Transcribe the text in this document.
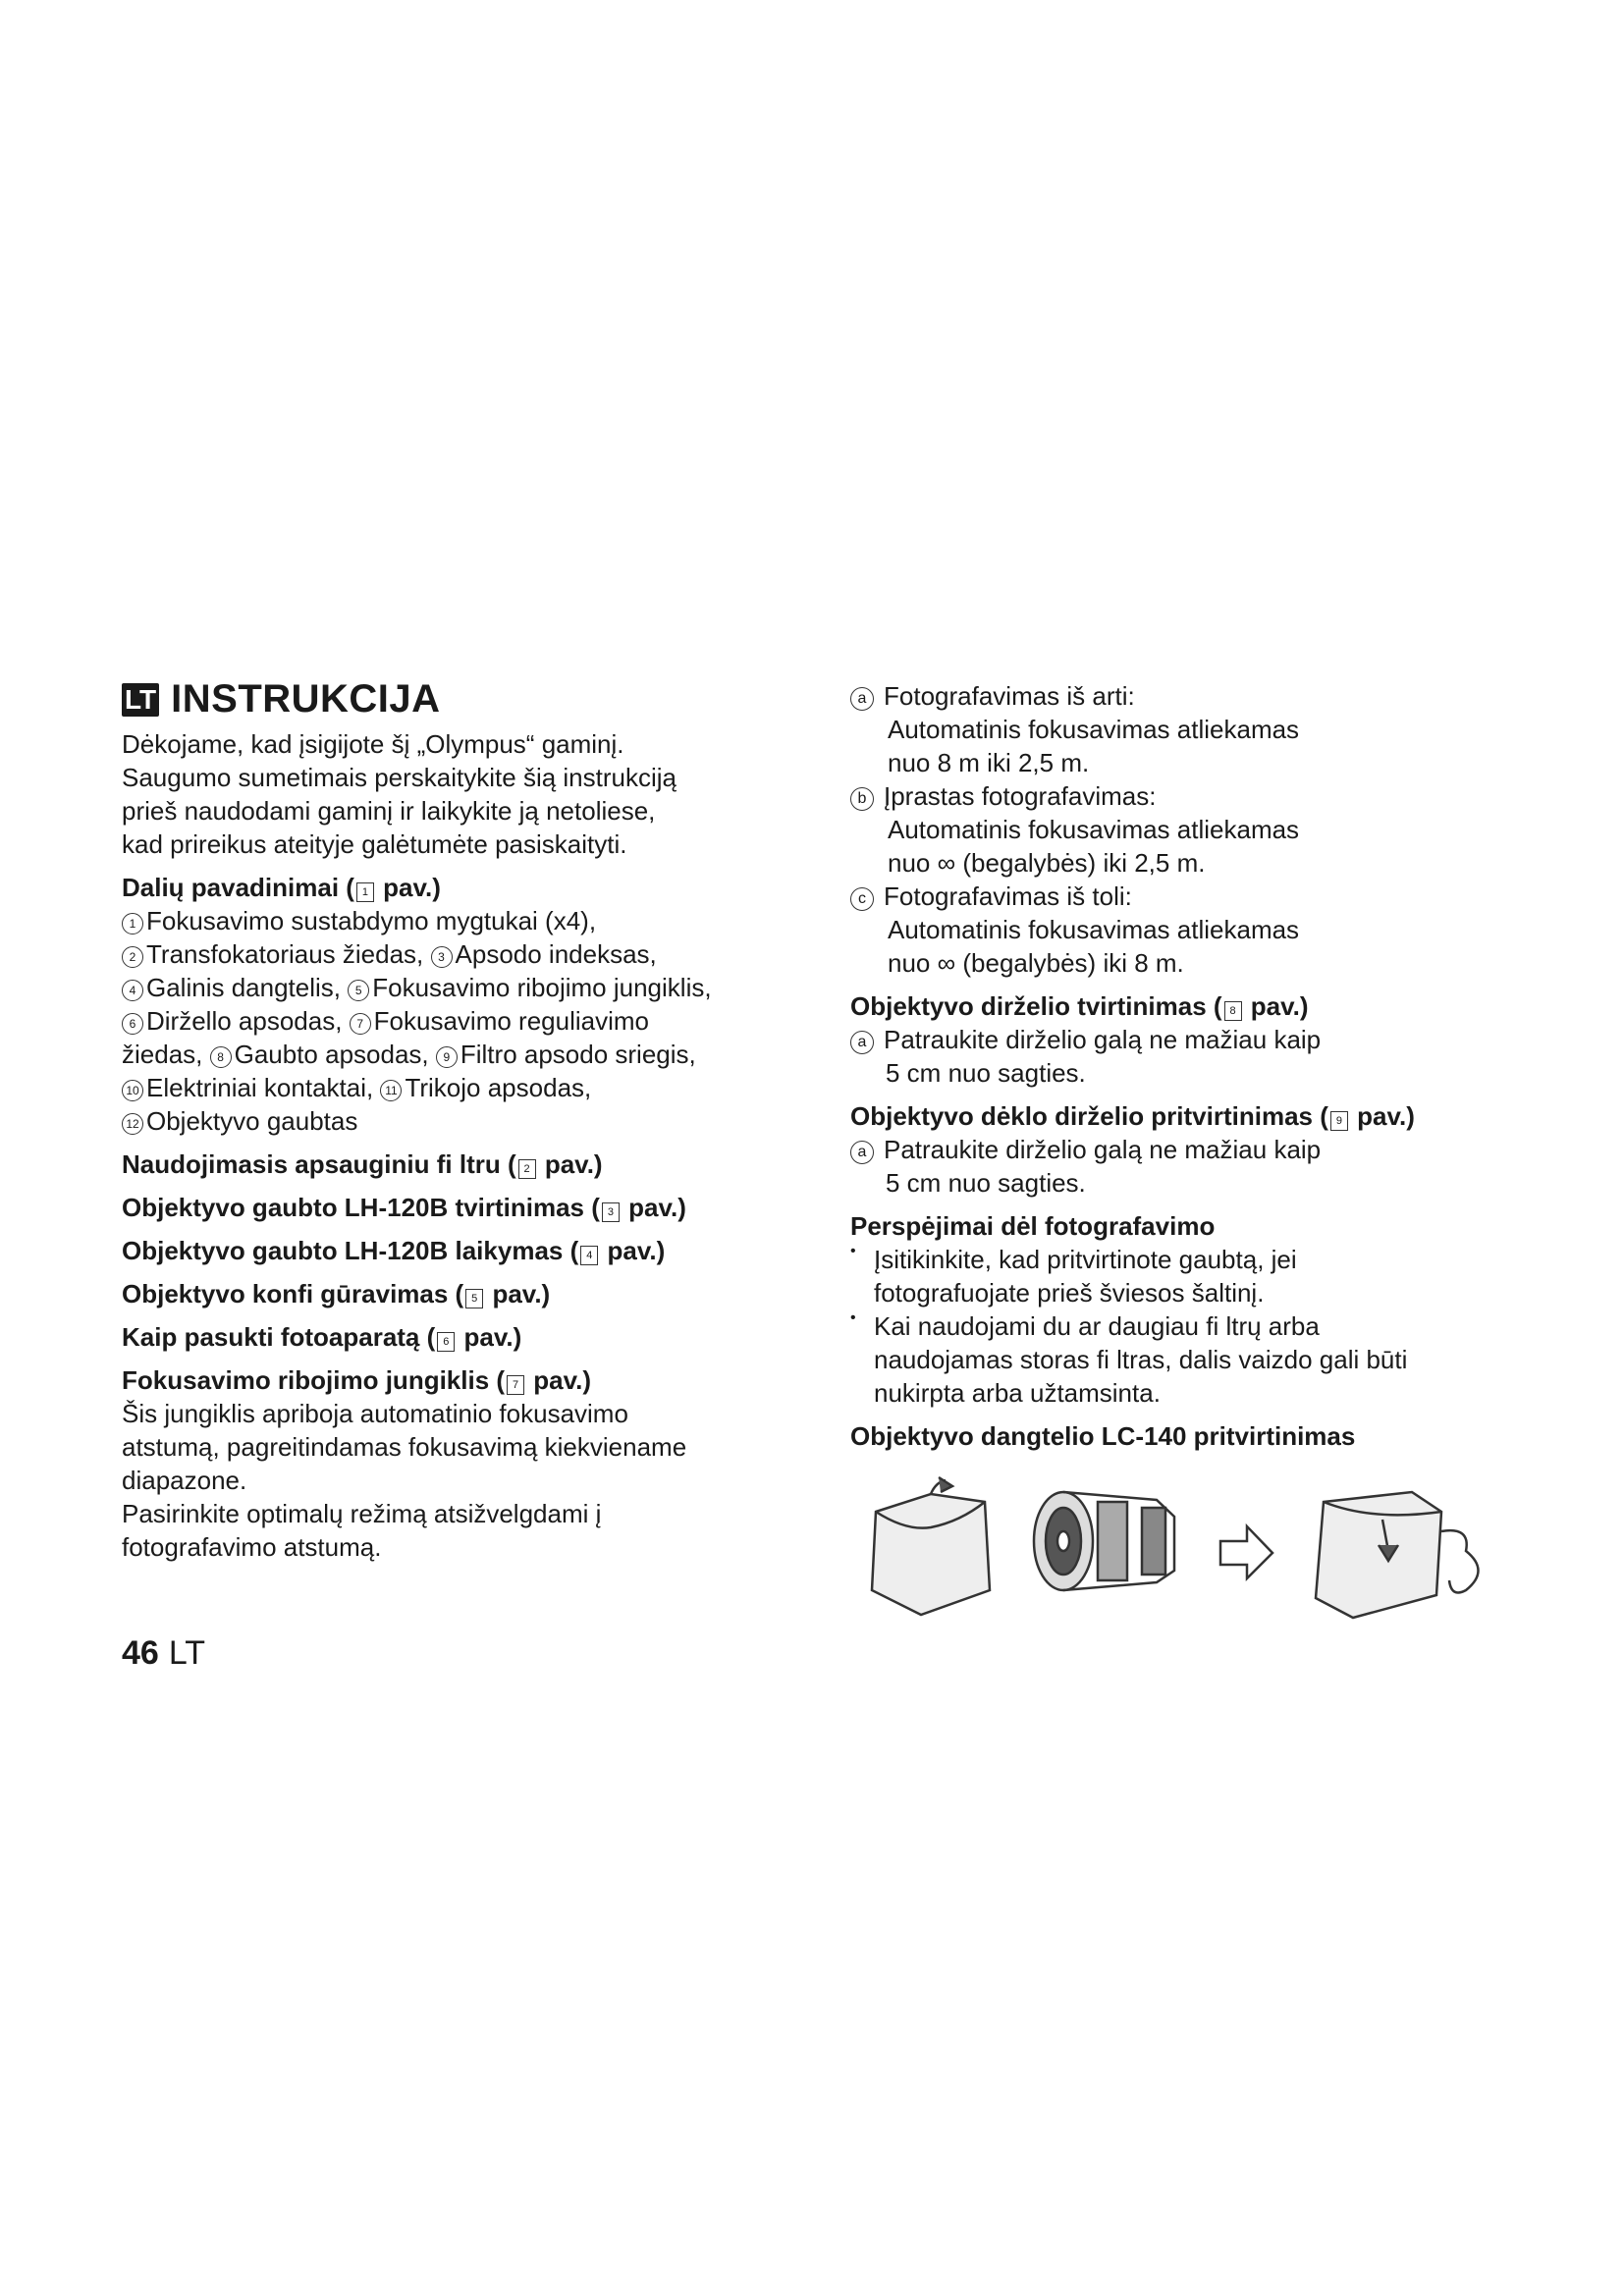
LT INSTRUKCIJA

Dėkojame, kad įsigijote šį „Olympus“ gaminį.

Saugumo sumetimais perskaitykite šią instrukciją

prieš naudodami gaminį ir laikykite ją netoliese,

kad prireikus ateityje galėtumėte pasiskaityti.

Dalių pavadinimai ( 1 pav.)

1 Fokusavimo sustabdymo mygtukai (x4),

2 Transfokatoriaus žiedas, 3 Apsodo indeksas,

4 Galinis dangtelis, 5 Fokusavimo ribojimo jungiklis,

6 Diržello apsodas, 7 Fokusavimo reguliavimo

žiedas, 8 Gaubto apsodas, 9 Filtro apsodo sriegis,

10 Elektriniai kontaktai, 11 Trikojo apsodas,

12 Objektyvo gaubtas

Naudojimasis apsauginiu fi ltru ( 2 pav.)
Objektyvo gaubto LH-120B tvirtinimas ( 3 pav.)
Objektyvo gaubto LH-120B laikymas ( 4 pav.)
Objektyvo konfi gūravimas ( 5 pav.)
Kaip pasukti fotoaparatą ( 6 pav.)
Fokusavimo ribojimo jungiklis ( 7 pav.)

Šis jungiklis apriboja automatinio fokusavimo

atstumą, pagreitindamas fokusavimą kiekviename

diapazone.

Pasirinkite optimalų režimą atsižvelgdami į

fotografavimo atstumą.

a Fotografavimas iš arti:

Automatinis fokusavimas atliekamas

nuo 8 m iki 2,5 m.

b Įprastas fotografavimas:

Automatinis fokusavimas atliekamas

nuo ∞ (begalybės) iki 2,5 m.

c Fotografavimas iš toli:

Automatinis fokusavimas atliekamas

nuo ∞ (begalybės) iki 8 m.

Objektyvo dirželio tvirtinimas ( 8 pav.)

a Patraukite dirželio galą ne mažiau kaip

5 cm nuo sagties.

Objektyvo dėklo dirželio pritvirtinimas ( 9 pav.)

a Patraukite dirželio galą ne mažiau kaip

5 cm nuo sagties.

Perspėjimai dėl fotografavimo
• Įsitikinkite, kad pritvirtinote gaubtą, jei

fotografuojate prieš šviesos šaltinį.

• Kai naudojami du ar daugiau fi ltrų arba

naudojamas storas fi ltras, dalis vaizdo gali būti

nukirpta arba užtamsinta.

Objektyvo dangtelio LC-140 pritvirtinimas
46 LT
